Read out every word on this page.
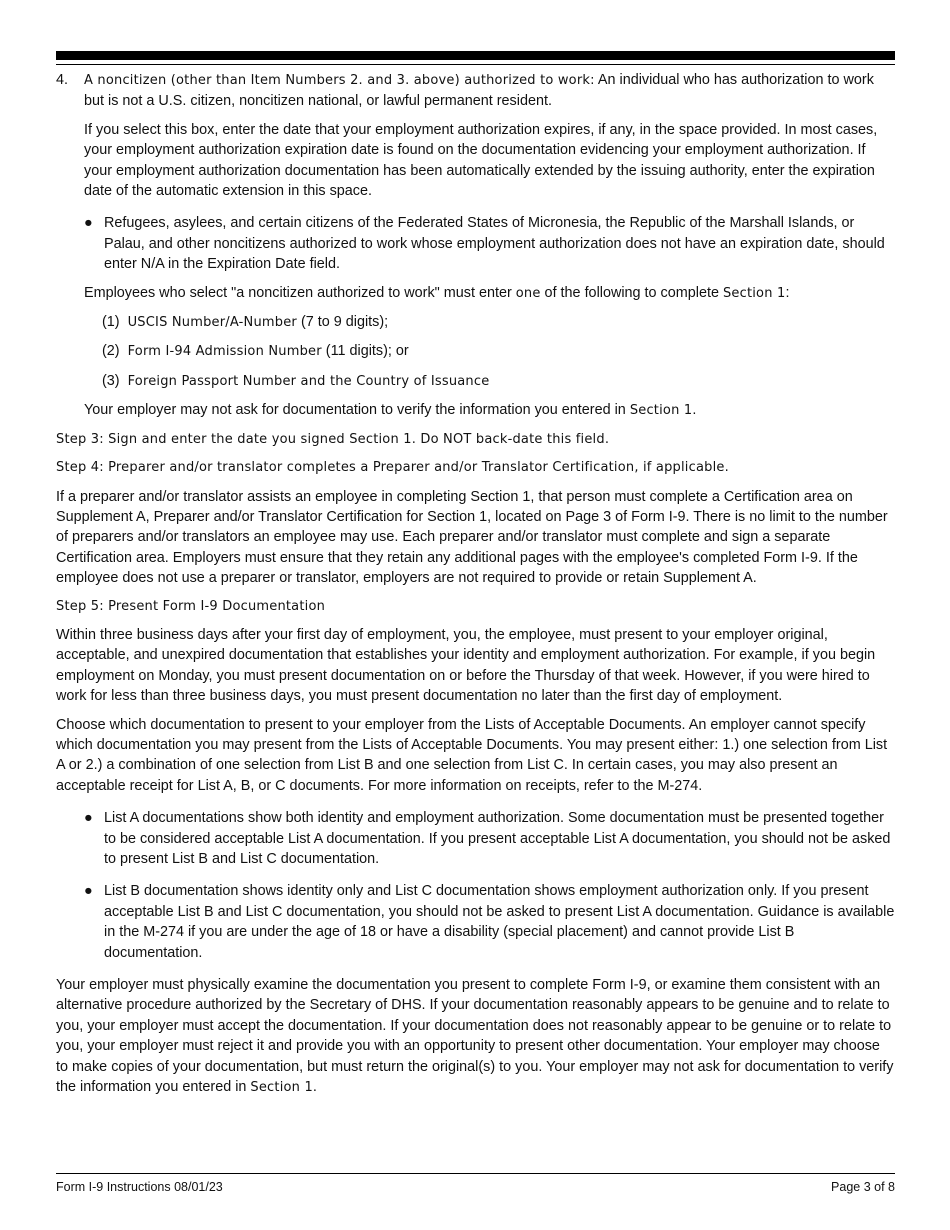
4. A noncitizen (other than Item Numbers 2. and 3. above) authorized to work: An individual who has authorization to work but is not a U.S. citizen, noncitizen national, or lawful permanent resident.

If you select this box, enter the date that your employment authorization expires, if any, in the space provided. In most cases, your employment authorization expiration date is found on the documentation evidencing your employment authorization. If your employment authorization documentation has been automatically extended by the issuing authority, enter the expiration date of the automatic extension in this space.

● Refugees, asylees, and certain citizens of the Federated States of Micronesia, the Republic of the Marshall Islands, or Palau, and other noncitizens authorized to work whose employment authorization does not have an expiration date, should enter N/A in the Expiration Date field.

Employees who select "a noncitizen authorized to work" must enter one of the following to complete Section 1:

(1) USCIS Number/A-Number (7 to 9 digits);

(2) Form I-94 Admission Number (11 digits); or

(3) Foreign Passport Number and the Country of Issuance

Your employer may not ask for documentation to verify the information you entered in Section 1.

Step 3: Sign and enter the date you signed Section 1. Do NOT back-date this field.

Step 4: Preparer and/or translator completes a Preparer and/or Translator Certification, if applicable.

If a preparer and/or translator assists an employee in completing Section 1, that person must complete a Certification area on Supplement A, Preparer and/or Translator Certification for Section 1, located on Page 3 of Form I-9. There is no limit to the number of preparers and/or translators an employee may use. Each preparer and/or translator must complete and sign a separate Certification area. Employers must ensure that they retain any additional pages with the employee's completed Form I-9. If the employee does not use a preparer or translator, employers are not required to provide or retain Supplement A.

Step 5: Present Form I-9 Documentation

Within three business days after your first day of employment, you, the employee, must present to your employer original, acceptable, and unexpired documentation that establishes your identity and employment authorization. For example, if you begin employment on Monday, you must present documentation on or before the Thursday of that week. However, if you were hired to work for less than three business days, you must present documentation no later than the first day of employment.

Choose which documentation to present to your employer from the Lists of Acceptable Documents. An employer cannot specify which documentation you may present from the Lists of Acceptable Documents. You may present either: 1.) one selection from List A or 2.) a combination of one selection from List B and one selection from List C. In certain cases, you may also present an acceptable receipt for List A, B, or C documents. For more information on receipts, refer to the M-274.

● List A documentations show both identity and employment authorization. Some documentation must be presented together to be considered acceptable List A documentation. If you present acceptable List A documentation, you should not be asked to present List B and List C documentation.

● List B documentation shows identity only and List C documentation shows employment authorization only. If you present acceptable List B and List C documentation, you should not be asked to present List A documentation. Guidance is available in the M-274 if you are under the age of 18 or have a disability (special placement) and cannot provide List B documentation.

Your employer must physically examine the documentation you present to complete Form I-9, or examine them consistent with an alternative procedure authorized by the Secretary of DHS. If your documentation reasonably appears to be genuine and to relate to you, your employer must accept the documentation. If your documentation does not reasonably appear to be genuine or to relate to you, your employer must reject it and provide you with an opportunity to present other documentation. Your employer may choose to make copies of your documentation, but must return the original(s) to you. Your employer may not ask for documentation to verify the information you entered in Section 1.

Form I-9 Instructions 08/01/23	Page 3 of 8
